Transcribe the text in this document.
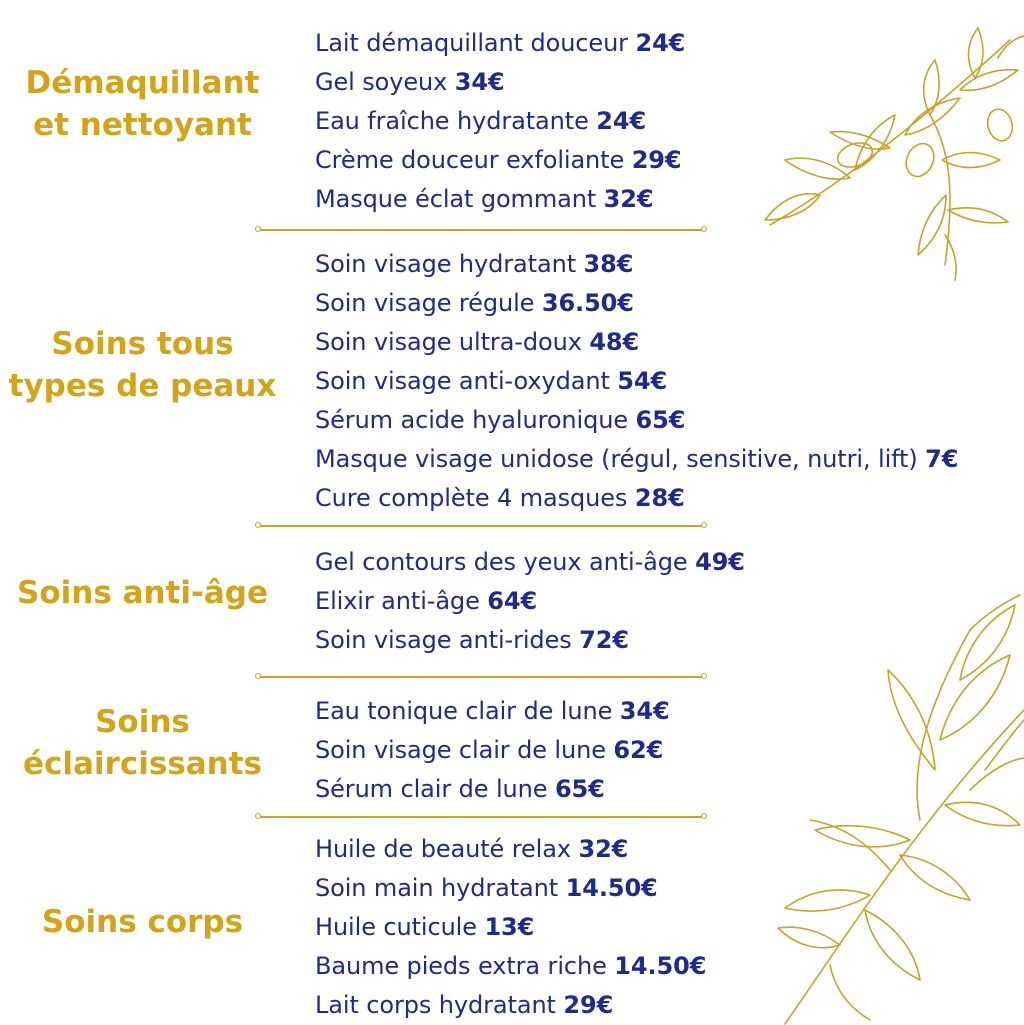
Démaquillant
et nettoyant
Lait démaquillant douceur 24€
Gel soyeux 34€
Eau fraîche hydratante 24€
Crème douceur exfoliante 29€
Masque éclat gommant 32€
Soins tous
types de peaux
Soin visage hydratant 38€
Soin visage régule 36.50€
Soin visage ultra-doux 48€
Soin visage anti-oxydant 54€
Sérum acide hyaluronique 65€
Masque visage unidose (régul, sensitive, nutri, lift) 7€
Cure complète 4 masques 28€
Soins anti-âge
Gel contours des yeux anti-âge 49€
Elixir anti-âge 64€
Soin visage anti-rides 72€
Soins
éclaircissants
Eau tonique clair de lune 34€
Soin visage clair de lune 62€
Sérum clair de lune 65€
Soins corps
Huile de beauté relax 32€
Soin main hydratant 14.50€
Huile cuticule 13€
Baume pieds extra riche 14.50€
Lait corps hydratant 29€
